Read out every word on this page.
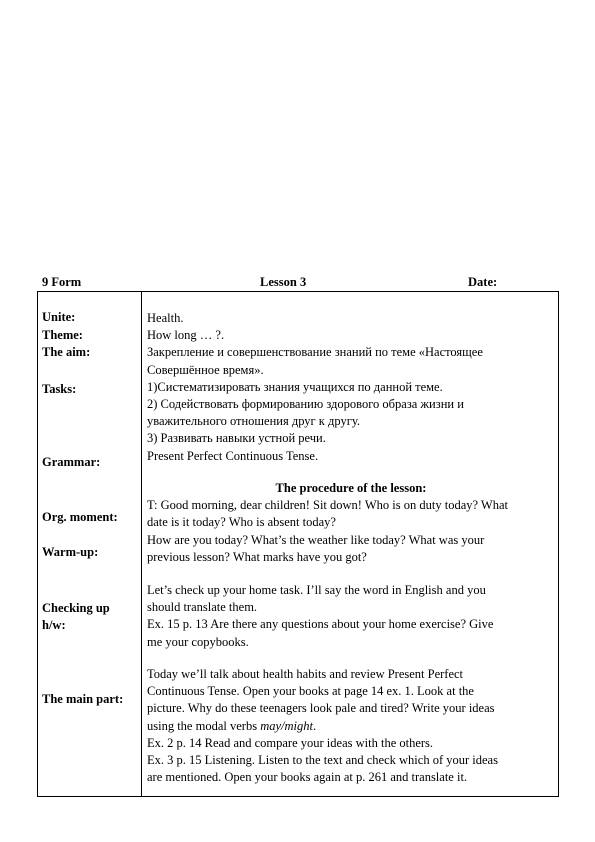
9 Form	Lesson 3	Date:
Unite:
Theme:
The aim:
Tasks:
Grammar:
Org. moment:
Warm-up:
Checking up
h/w:
The main part:

Health.

How long … ?.

Закрепление и совершенствование знаний по теме «Настоящее

Совершённое время».

1)Систематизировать знания учащихся по данной теме.

2) Содействовать формированию здорового образа жизни и

уважительного отношения друг к другу.

3) Развивать навыки устной речи.

Present Perfect Continuous Tense.

The procedure of the lesson:

T: Good morning, dear children! Sit down! Who is on duty today? What

date is it today? Who is absent today?

How are you today? What’s the weather like today? What was your

previous lesson? What marks have you got?

Let’s check up your home task. I’ll say the word in English and you

should translate them.

Ex. 15 p. 13 Are there any questions about your home exercise? Give

me your copybooks.

Today we’ll talk about health habits and review Present Perfect

Continuous Tense. Open your books at page 14 ex. 1. Look at the

picture. Why do these teenagers look pale and tired? Write your ideas

using the modal verbs may/might.

Ex. 2 p. 14 Read and compare your ideas with the others.

Ex. 3 p. 15 Listening. Listen to the text and check which of your ideas

are mentioned. Open your books again at p. 261 and translate it.
